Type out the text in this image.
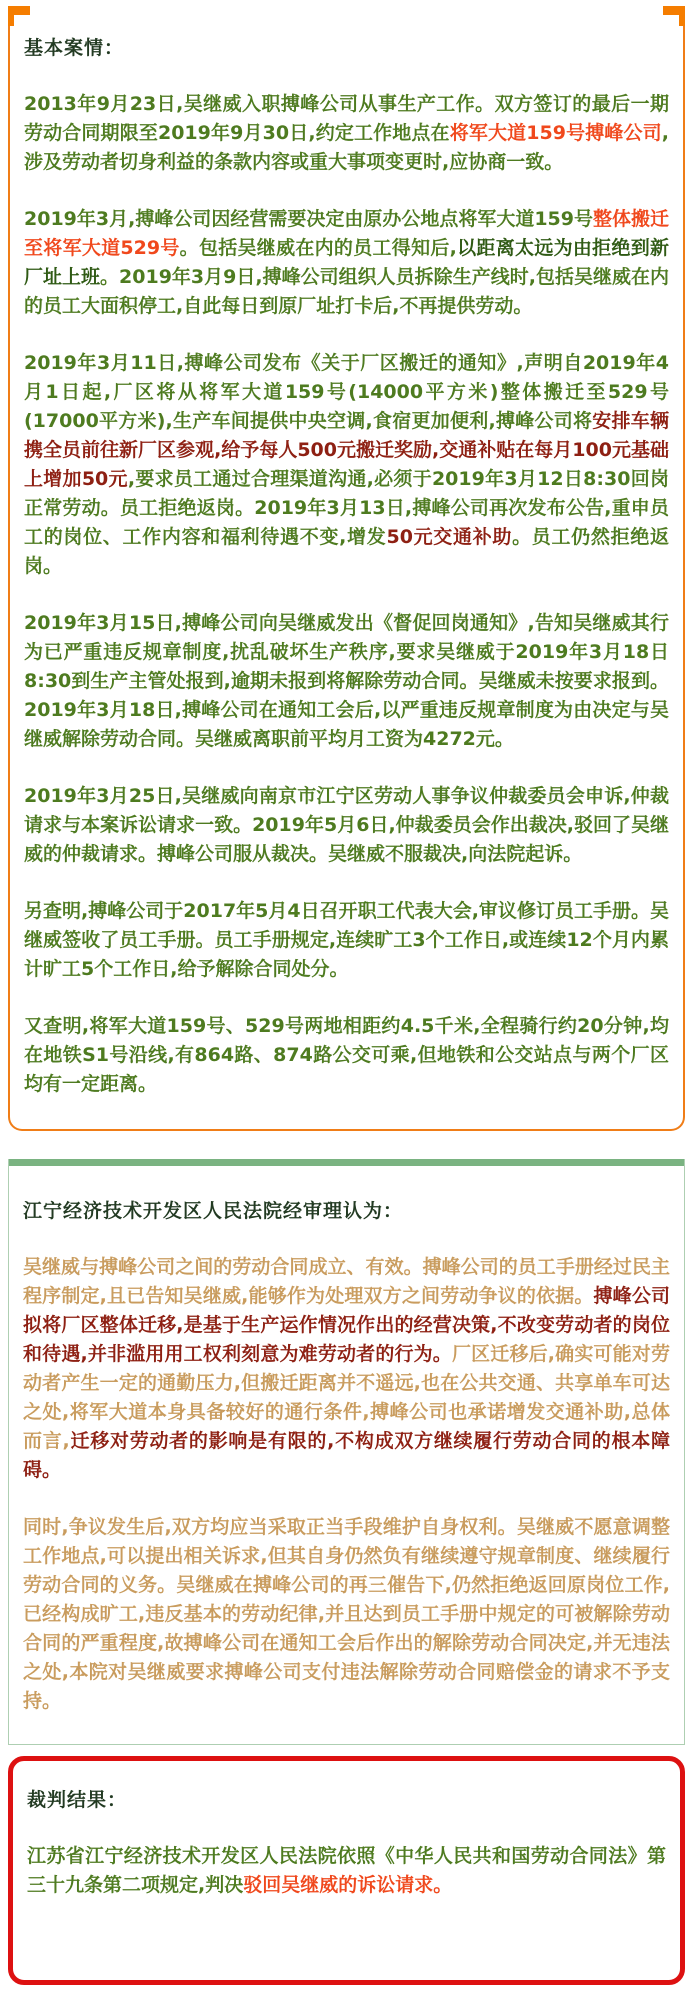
基本案情：

2013年9月23日,吴继威入职搏峰公司从事生产工作。双方签订的最后一期劳动合同期限至2019年9月30日,约定工作地点在将军大道159号搏峰公司,涉及劳动者切身利益的条款内容或重大事项变更时,应协商一致。

2019年3月,搏峰公司因经营需要决定由原办公地点将军大道159号整体搬迁至将军大道529号。包括吴继威在内的员工得知后,以距离太远为由拒绝到新厂址上班。2019年3月9日,搏峰公司组织人员拆除生产线时,包括吴继威在内的员工大面积停工,自此每日到原厂址打卡后,不再提供劳动。

2019年3月11日,搏峰公司发布《关于厂区搬迁的通知》,声明自2019年4月1日起,厂区将从将军大道159号(14000平方米)整体搬迁至529号(17000平方米),生产车间提供中央空调,食宿更加便利,搏峰公司将安排车辆携全员前往新厂区参观,给予每人500元搬迁奖励,交通补贴在每月100元基础上增加50元,要求员工通过合理渠道沟通,必须于2019年3月12日8:30回岗正常劳动。员工拒绝返岗。2019年3月13日,搏峰公司再次发布公告,重申员工的岗位、工作内容和福利待遇不变,增发50元交通补助。员工仍然拒绝返岗。

2019年3月15日,搏峰公司向吴继威发出《督促回岗通知》,告知吴继威其行为已严重违反规章制度,扰乱破坏生产秩序,要求吴继威于2019年3月18日8:30到生产主管处报到,逾期未报到将解除劳动合同。吴继威未按要求报到。2019年3月18日,搏峰公司在通知工会后,以严重违反规章制度为由决定与吴继威解除劳动合同。吴继威离职前平均月工资为4272元。

2019年3月25日,吴继威向南京市江宁区劳动人事争议仲裁委员会申诉,仲裁请求与本案诉讼请求一致。2019年5月6日,仲裁委员会作出裁决,驳回了吴继威的仲裁请求。搏峰公司服从裁决。吴继威不服裁决,向法院起诉。

另查明,搏峰公司于2017年5月4日召开职工代表大会,审议修订员工手册。吴继威签收了员工手册。员工手册规定,连续旷工3个工作日,或连续12个月内累计旷工5个工作日,给予解除合同处分。

又查明,将军大道159号、529号两地相距约4.5千米,全程骑行约20分钟,均在地铁S1号沿线,有864路、874路公交可乘,但地铁和公交站点与两个厂区均有一定距离。

江宁经济技术开发区人民法院经审理认为：

吴继威与搏峰公司之间的劳动合同成立、有效。搏峰公司的员工手册经过民主程序制定,且已告知吴继威,能够作为处理双方之间劳动争议的依据。搏峰公司拟将厂区整体迁移,是基于生产运作情况作出的经营决策,不改变劳动者的岗位和待遇,并非滥用用工权利刻意为难劳动者的行为。厂区迁移后,确实可能对劳动者产生一定的通勤压力,但搬迁距离并不遥远,也在公共交通、共享单车可达之处,将军大道本身具备较好的通行条件,搏峰公司也承诺增发交通补助,总体而言,迁移对劳动者的影响是有限的,不构成双方继续履行劳动合同的根本障碍。

同时,争议发生后,双方均应当采取正当手段维护自身权利。吴继威不愿意调整工作地点,可以提出相关诉求,但其自身仍然负有继续遵守规章制度、继续履行劳动合同的义务。吴继威在搏峰公司的再三催告下,仍然拒绝返回原岗位工作,已经构成旷工,违反基本的劳动纪律,并且达到员工手册中规定的可被解除劳动合同的严重程度,故搏峰公司在通知工会后作出的解除劳动合同决定,并无违法之处,本院对吴继威要求搏峰公司支付违法解除劳动合同赔偿金的请求不予支持。

裁判结果：

江苏省江宁经济技术开发区人民法院依照《中华人民共和国劳动合同法》第三十九条第二项规定,判决驳回吴继威的诉讼请求。
